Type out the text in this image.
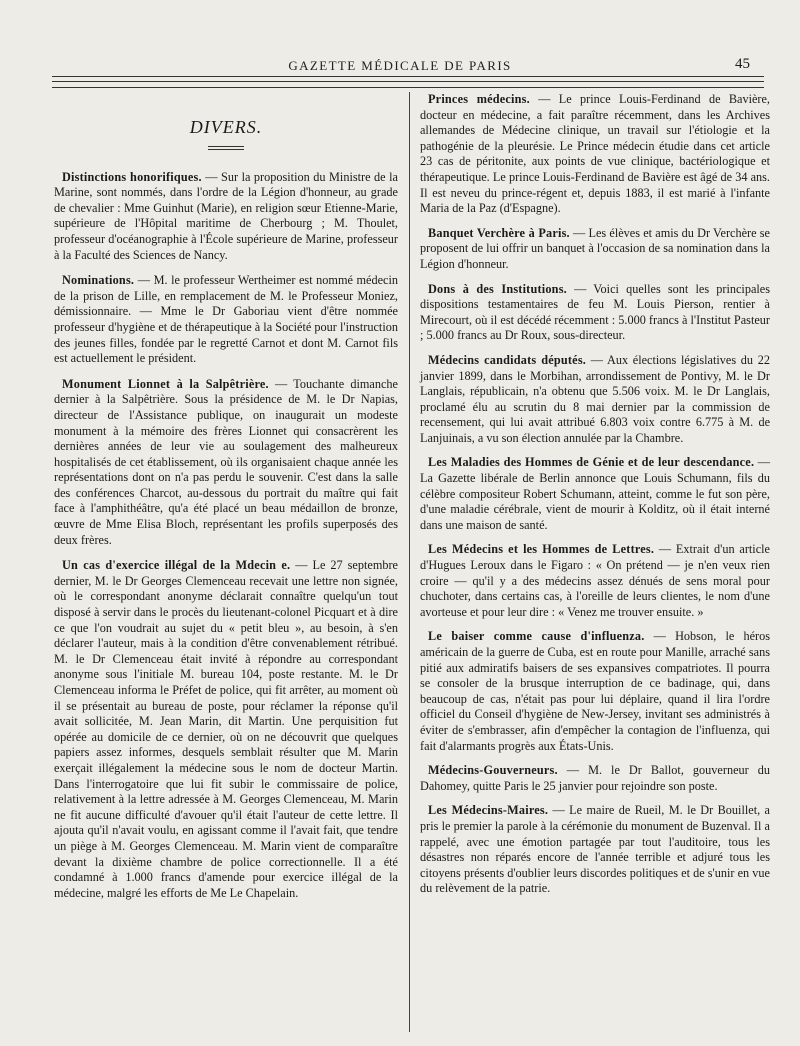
GAZETTE MÉDICALE DE PARIS	45
DIVERS.

Distinctions honorifiques. — Sur la proposition du Ministre de la Marine, sont nommés, dans l'ordre de la Légion d'honneur, au grade de chevalier : Mme Guinhut (Marie), en religion sœur Etienne-Marie, supérieure de l'Hôpital maritime de Cherbourg ; M. Thoulet, professeur d'océanographie à l'École supérieure de Marine, professeur à la Faculté des Sciences de Nancy.

Nominations. — M. le professeur Wertheimer est nommé médecin de la prison de Lille, en remplacement de M. le Professeur Moniez, démissionnaire. — Mme le Dr Gaboriau vient d'être nommée professeur d'hygiène et de thérapeutique à la Société pour l'instruction des jeunes filles, fondée par le regretté Carnot et dont M. Carnot fils est actuellement le président.

Monument Lionnet à la Salpêtrière. — Touchante dimanche dernier à la Salpêtrière. Sous la présidence de M. le Dr Napias, directeur de l'Assistance publique, on inaugurait un modeste monument à la mémoire des frères Lionnet qui consacrèrent les dernières années de leur vie au soulagement des malheureux hospitalisés de cet établissement, où ils organisaient chaque année les représentations dont on n'a pas perdu le souvenir. C'est dans la salle des conférences Charcot, au-dessous du portrait du maître qui fait face à l'amphithéâtre, qu'a été placé un beau médaillon de bronze, œuvre de Mme Elisa Bloch, représentant les profils superposés des deux frères.

Un cas d'exercice illégal de la Mdecin e. — Le 27 septembre dernier, M. le Dr Georges Clemenceau recevait une lettre non signée, où le correspondant anonyme déclarait connaître quelqu'un tout disposé à servir dans le procès du lieutenant-colonel Picquart et à dire ce que l'on voudrait au sujet du « petit bleu », au besoin, à s'en déclarer l'auteur, mais à la condition d'être convenablement rétribué. M. le Dr Clemenceau était invité à répondre au correspondant anonyme sous l'initiale M. bureau 104, poste restante. M. le Dr Clemenceau informa le Préfet de police, qui fit arrêter, au moment où il se présentait au bureau de poste, pour réclamer la réponse qu'il avait sollicitée, M. Jean Marin, dit Martin. Une perquisition fut opérée au domicile de ce dernier, où on ne découvrit que quelques papiers assez informes, desquels semblait résulter que M. Marin exerçait illégalement la médecine sous le nom de docteur Martin. Dans l'interrogatoire que lui fit subir le commissaire de police, relativement à la lettre adressée à M. Georges Clemenceau, M. Marin ne fit aucune difficulté d'avouer qu'il était l'auteur de cette lettre. Il ajouta qu'il n'avait voulu, en agissant comme il l'avait fait, que tendre un piège à M. Georges Clemenceau. M. Marin vient de comparaître devant la dixième chambre de police correctionnelle. Il a été condamné à 1.000 francs d'amende pour exercice illégal de la médecine, malgré les efforts de Me Le Chapelain.

Princes médecins. — Le prince Louis-Ferdinand de Bavière, docteur en médecine, a fait paraître récemment, dans les Archives allemandes de Médecine clinique, un travail sur l'étiologie et la pathogénie de la pleurésie. Le Prince médecin étudie dans cet article 23 cas de péritonite, aux points de vue clinique, bactériologique et thérapeutique. Le prince Louis-Ferdinand de Bavière est âgé de 34 ans. Il est neveu du prince-régent et, depuis 1883, il est marié à l'infante Maria de la Paz (d'Espagne).

Banquet Verchère à Paris. — Les élèves et amis du Dr Verchère se proposent de lui offrir un banquet à l'occasion de sa nomination dans la Légion d'honneur.

Dons à des Institutions. — Voici quelles sont les principales dispositions testamentaires de feu M. Louis Pierson, rentier à Mirecourt, où il est décédé récemment : 5.000 francs à l'Institut Pasteur ; 5.000 francs au Dr Roux, sous-directeur.

Médecins candidats députés. — Aux élections législatives du 22 janvier 1899, dans le Morbihan, arrondissement de Pontivy, M. le Dr Langlais, républicain, n'a obtenu que 5.506 voix. M. le Dr Langlais, proclamé élu au scrutin du 8 mai dernier par la commission de recensement, qui lui avait attribué 6.803 voix contre 6.775 à M. de Lanjuinais, a vu son élection annulée par la Chambre.

Les Maladies des Hommes de Génie et de leur descendance. — La Gazette libérale de Berlin annonce que Louis Schumann, fils du célèbre compositeur Robert Schumann, atteint, comme le fut son père, d'une maladie cérébrale, vient de mourir à Kolditz, où il était interné dans une maison de santé.

Les Médecins et les Hommes de Lettres. — Extrait d'un article d'Hugues Leroux dans le Figaro : « On prétend — je n'en veux rien croire — qu'il y a des médecins assez dénués de sens moral pour chuchoter, dans certains cas, à l'oreille de leurs clientes, le nom d'une avorteuse et pour leur dire : « Venez me trouver ensuite. »

Le baiser comme cause d'influenza. — Hobson, le héros américain de la guerre de Cuba, est en route pour Manille, arraché sans pitié aux admiratifs baisers de ses expansives compatriotes. Il pourra se consoler de la brusque interruption de ce badinage, qui, dans beaucoup de cas, n'était pas pour lui déplaire, quand il lira l'ordre officiel du Conseil d'hygiène de New-Jersey, invitant ses administrés à éviter de s'embrasser, afin d'empêcher la contagion de l'influenza, qui fait d'alarmants progrès aux États-Unis.

Médecins-Gouverneurs. — M. le Dr Ballot, gouverneur du Dahomey, quitte Paris le 25 janvier pour rejoindre son poste.

Les Médecins-Maires. — Le maire de Rueil, M. le Dr Bouillet, a pris le premier la parole à la cérémonie du monument de Buzenval. Il a rappelé, avec une émotion partagée par tout l'auditoire, tous les désastres non réparés encore de l'année terrible et adjuré tous les citoyens présents d'oublier leurs discordes politiques et de s'unir en vue du relèvement de la patrie.
